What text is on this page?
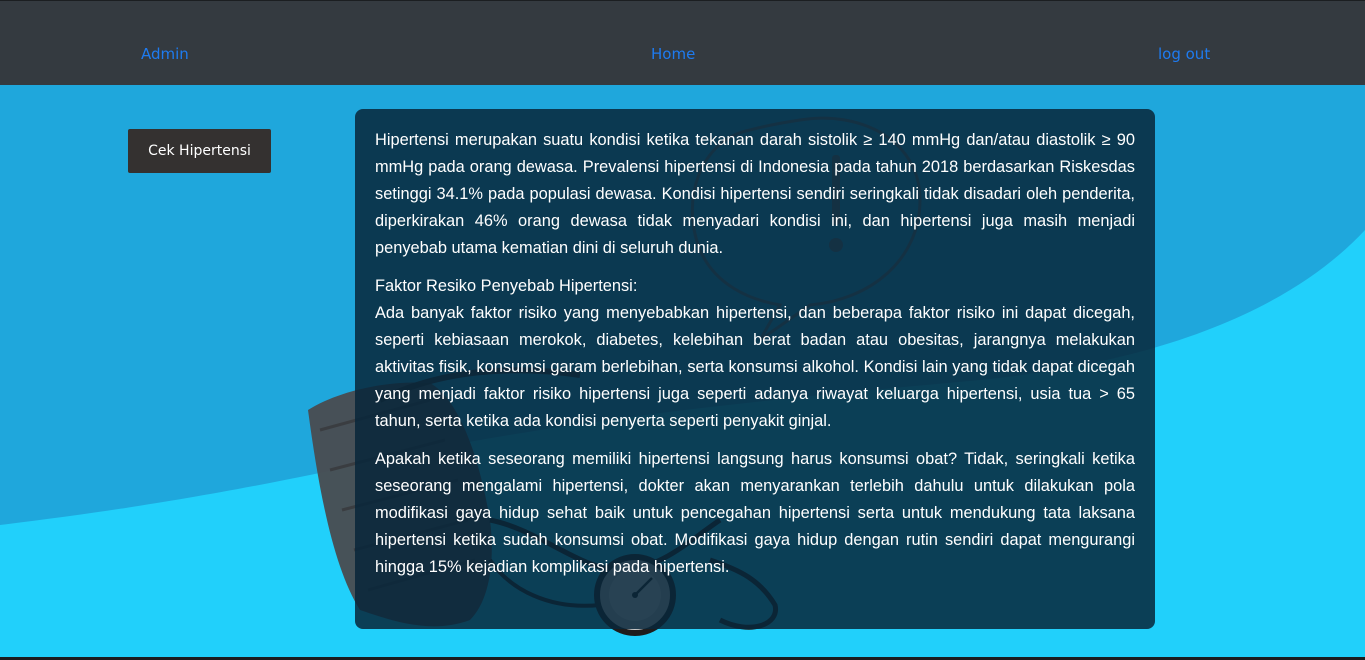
Admin	Home	log out
Cek Hipertensi

Hipertensi merupakan suatu kondisi ketika tekanan darah sistolik ≥ 140 mmHg dan/atau diastolik ≥ 90 mmHg pada orang dewasa. Prevalensi hipertensi di Indonesia pada tahun 2018 berdasarkan Riskesdas setinggi 34.1% pada populasi dewasa. Kondisi hipertensi sendiri seringkali tidak disadari oleh penderita, diperkirakan 46% orang dewasa tidak menyadari kondisi ini, dan hipertensi juga masih menjadi penyebab utama kematian dini di seluruh dunia.

Faktor Resiko Penyebab Hipertensi:
Ada banyak faktor risiko yang menyebabkan hipertensi, dan beberapa faktor risiko ini dapat dicegah, seperti kebiasaan merokok, diabetes, kelebihan berat badan atau obesitas, jarangnya melakukan aktivitas fisik, konsumsi garam berlebihan, serta konsumsi alkohol. Kondisi lain yang tidak dapat dicegah yang menjadi faktor risiko hipertensi juga seperti adanya riwayat keluarga hipertensi, usia tua > 65 tahun, serta ketika ada kondisi penyerta seperti penyakit ginjal.

Apakah ketika seseorang memiliki hipertensi langsung harus konsumsi obat? Tidak, seringkali ketika seseorang mengalami hipertensi, dokter akan menyarankan terlebih dahulu untuk dilakukan pola modifikasi gaya hidup sehat baik untuk pencegahan hipertensi serta untuk mendukung tata laksana hipertensi ketika sudah konsumsi obat. Modifikasi gaya hidup dengan rutin sendiri dapat mengurangi hingga 15% kejadian komplikasi pada hipertensi.
